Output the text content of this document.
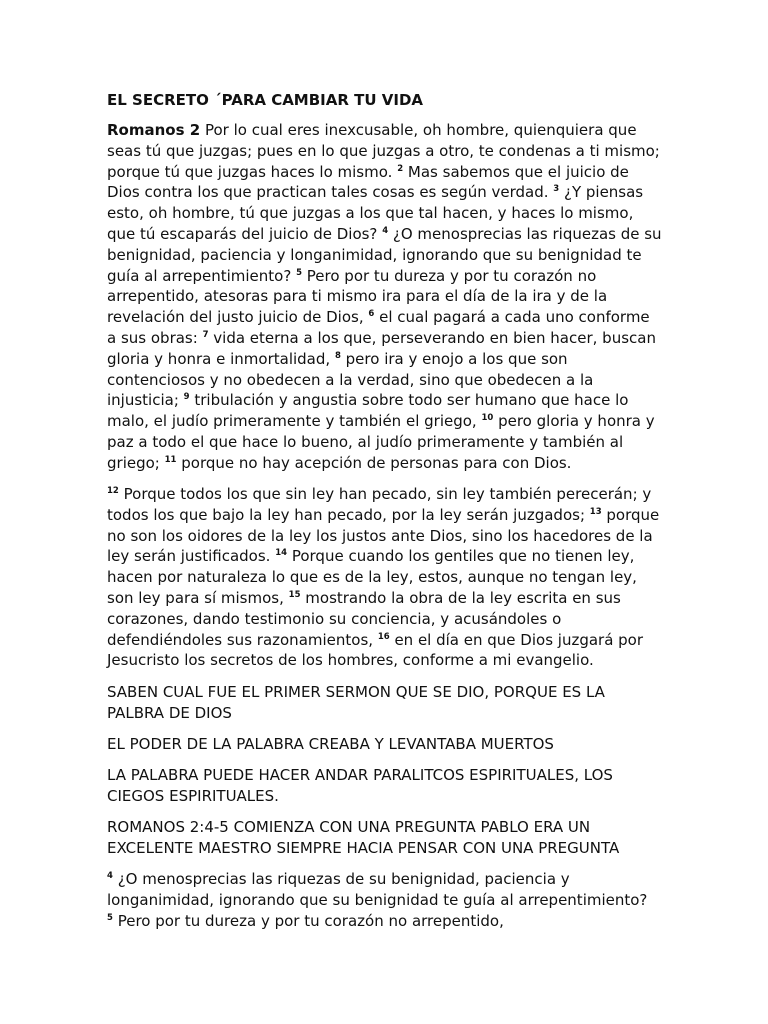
EL SECRETO ´PARA CAMBIAR TU VIDA

Romanos 2 Por lo cual eres inexcusable, oh hombre, quienquiera que seas tú que juzgas; pues en lo que juzgas a otro, te condenas a ti mismo; porque tú que juzgas haces lo mismo. $^2$ Mas sabemos que el juicio de Dios contra los que practican tales cosas es según verdad. $^3$ ¿Y piensas esto, oh hombre, tú que juzgas a los que tal hacen, y haces lo mismo, que tú escaparás del juicio de Dios? $^4$ ¿O menosprecias las riquezas de su benignidad, paciencia y longanimidad, ignorando que su benignidad te guía al arrepentimiento? $^5$ Pero por tu dureza y por tu corazón no arrepentido, atesoras para ti mismo ira para el día de la ira y de la revelación del justo juicio de Dios, $^6$ el cual pagará a cada uno conforme a sus obras: $^7$ vida eterna a los que, perseverando en bien hacer, buscan gloria y honra e inmortalidad, $^8$ pero ira y enojo a los que son contenciosos y no obedecen a la verdad, sino que obedecen a la injusticia; $^9$ tribulación y angustia sobre todo ser humano que hace lo malo, el judío primeramente y también el griego, $^{10}$ pero gloria y honra y paz a todo el que hace lo bueno, al judío primeramente y también al griego; $^{11}$ porque no hay acepción de personas para con Dios.

$^{12}$ Porque todos los que sin ley han pecado, sin ley también perecerán; y todos los que bajo la ley han pecado, por la ley serán juzgados; $^{13}$ porque no son los oidores de la ley los justos ante Dios, sino los hacedores de la ley serán justificados. $^{14}$ Porque cuando los gentiles que no tienen ley, hacen por naturaleza lo que es de la ley, estos, aunque no tengan ley, son ley para sí mismos, $^{15}$ mostrando la obra de la ley escrita en sus corazones, dando testimonio su conciencia, y acusándoles o defendiéndoles sus razonamientos, $^{16}$ en el día en que Dios juzgará por Jesucristo los secretos de los hombres, conforme a mi evangelio.

SABEN CUAL FUE EL PRIMER SERMON QUE SE DIO, PORQUE ES LA PALBRA DE DIOS

EL PODER DE LA PALABRA CREABA Y LEVANTABA MUERTOS

LA PALABRA PUEDE HACER ANDAR PARALITCOS ESPIRITUALES, LOS CIEGOS ESPIRITUALES.

ROMANOS 2:4-5 COMIENZA CON UNA PREGUNTA PABLO ERA UN EXCELENTE MAESTRO SIEMPRE HACIA PENSAR CON UNA PREGUNTA

$^4$ ¿O menosprecias las riquezas de su benignidad, paciencia y longanimidad, ignorando que su benignidad te guía al arrepentimiento? $^5$ Pero por tu dureza y por tu corazón no arrepentido,
